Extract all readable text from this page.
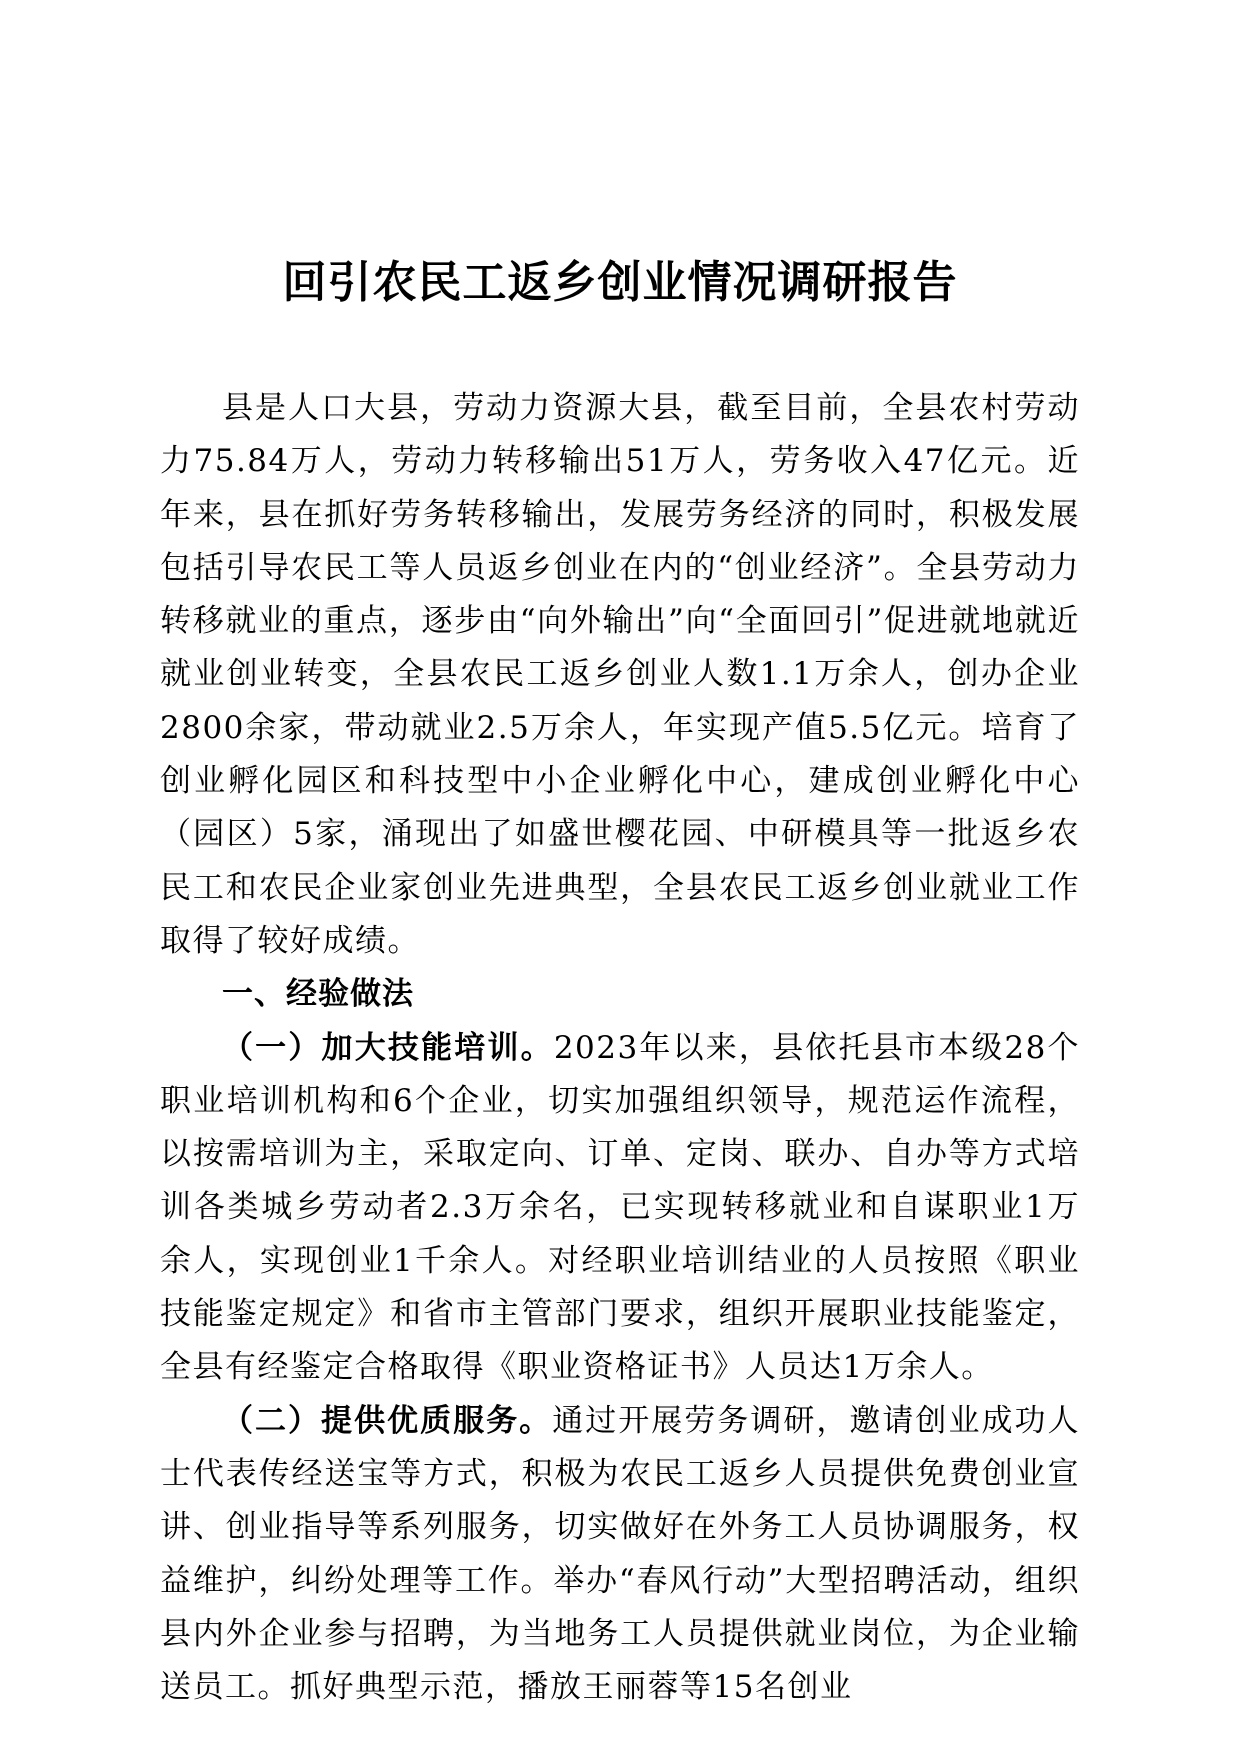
回引农民工返乡创业情况调研报告

县是人口大县，劳动力资源大县，截至目前，全县农村劳动力75.84万人，劳动力转移输出51万人，劳务收入47亿元。近年来，县在抓好劳务转移输出，发展劳务经济的同时，积极发展包括引导农民工等人员返乡创业在内的“创业经济”。全县劳动力转移就业的重点，逐步由“向外输出”向“全面回引”促进就地就近就业创业转变，全县农民工返乡创业人数1.1万余人，创办企业2800余家，带动就业2.5万余人，年实现产值5.5亿元。培育了创业孵化园区和科技型中小企业孵化中心，建成创业孵化中心（园区）5家，涌现出了如盛世樱花园、中研模具等一批返乡农民工和农民企业家创业先进典型，全县农民工返乡创业就业工作取得了较好成绩。

一、经验做法

（一）加大技能培训。2023年以来，县依托县市本级28个职业培训机构和6个企业，切实加强组织领导，规范运作流程，以按需培训为主，采取定向、订单、定岗、联办、自办等方式培训各类城乡劳动者2.3万余名，已实现转移就业和自谋职业1万余人，实现创业1千余人。对经职业培训结业的人员按照《职业技能鉴定规定》和省市主管部门要求，组织开展职业技能鉴定，全县有经鉴定合格取得《职业资格证书》人员达1万余人。

（二）提供优质服务。通过开展劳务调研，邀请创业成功人士代表传经送宝等方式，积极为农民工返乡人员提供免费创业宣讲、创业指导等系列服务，切实做好在外务工人员协调服务，权益维护，纠纷处理等工作。举办“春风行动”大型招聘活动，组织县内外企业参与招聘，为当地务工人员提供就业岗位，为企业输送员工。抓好典型示范，播放王丽蓉等15名创业
